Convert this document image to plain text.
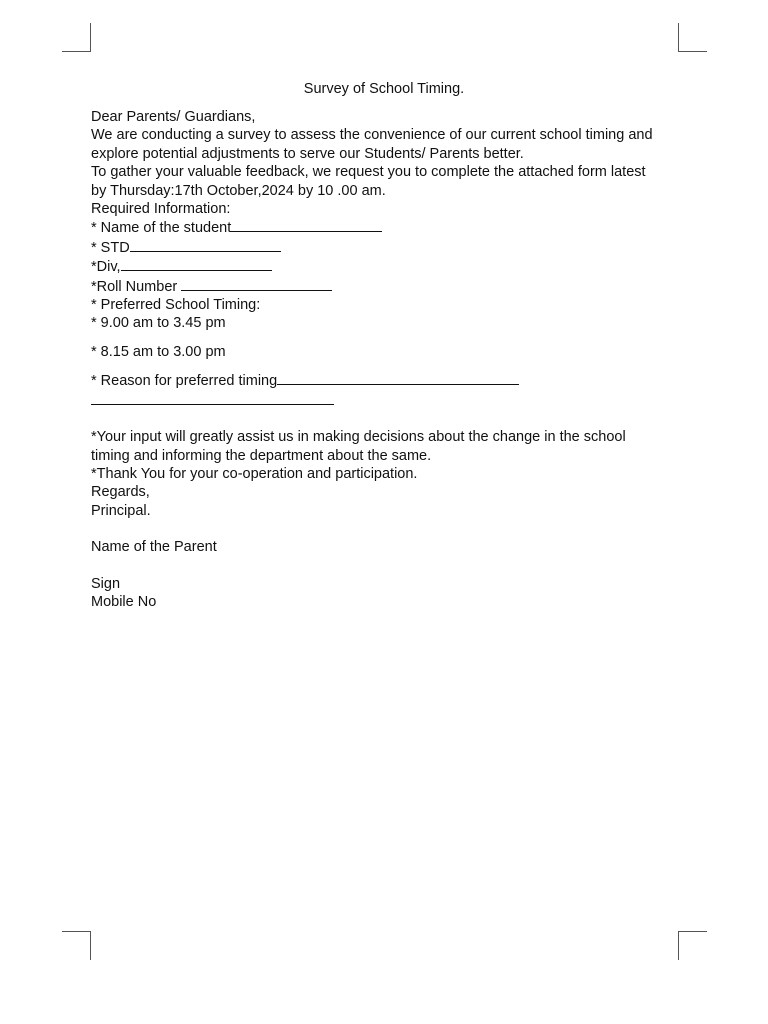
Survey of School Timing.
Dear Parents/ Guardians,
We are conducting a survey to assess the convenience of our current school timing and
explore potential adjustments to serve our Students/ Parents better.
To gather your valuable feedback, we request you to complete the attached form latest
by Thursday:17th October,2024 by 10 .00 am.
Required Information:
* Name of the student
* STD
*Div,
*Roll Number
* Preferred School Timing:
* 9.00 am to 3.45 pm
* 8.15 am to 3.00 pm
* Reason for preferred timing
*Your input will greatly assist us in making decisions about the change in the school
timing and informing the department about the same.
*Thank You for your co-operation and participation.
Regards,
Principal.
Name of the Parent
Sign
Mobile No
